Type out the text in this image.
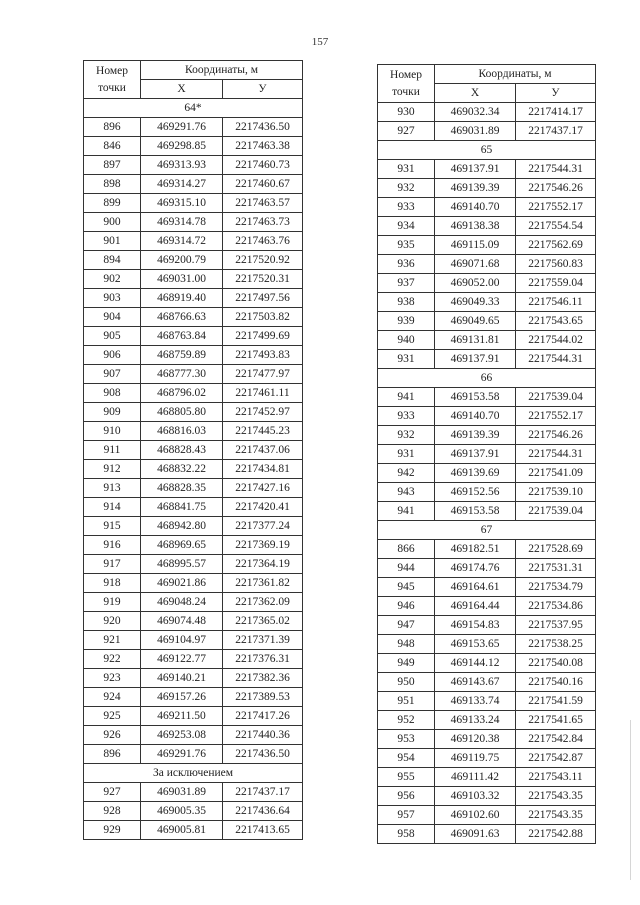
157
Номер
точки	Координаты, м	
	X	У
64*		
896	469291.76	2217436.50
846	469298.85	2217463.38
897	469313.93	2217460.73
898	469314.27	2217460.67
899	469315.10	2217463.57
900	469314.78	2217463.73
901	469314.72	2217463.76
894	469200.79	2217520.92
902	469031.00	2217520.31
903	468919.40	2217497.56
904	468766.63	2217503.82
905	468763.84	2217499.69
906	468759.89	2217493.83
907	468777.30	2217477.97
908	468796.02	2217461.11
909	468805.80	2217452.97
910	468816.03	2217445.23
911	468828.43	2217437.06
912	468832.22	2217434.81
913	468828.35	2217427.16
914	468841.75	2217420.41
915	468942.80	2217377.24
916	468969.65	2217369.19
917	468995.57	2217364.19
918	469021.86	2217361.82
919	469048.24	2217362.09
920	469074.48	2217365.02
921	469104.97	2217371.39
922	469122.77	2217376.31
923	469140.21	2217382.36
924	469157.26	2217389.53
925	469211.50	2217417.26
926	469253.08	2217440.36
896	469291.76	2217436.50
За исключением		
927	469031.89	2217437.17
928	469005.35	2217436.64
929	469005.81	2217413.65
Номер
точки	Координаты, м	
	X	У
930	469032.34	2217414.17
927	469031.89	2217437.17
65		
931	469137.91	2217544.31
932	469139.39	2217546.26
933	469140.70	2217552.17
934	469138.38	2217554.54
935	469115.09	2217562.69
936	469071.68	2217560.83
937	469052.00	2217559.04
938	469049.33	2217546.11
939	469049.65	2217543.65
940	469131.81	2217544.02
931	469137.91	2217544.31
66		
941	469153.58	2217539.04
933	469140.70	2217552.17
932	469139.39	2217546.26
931	469137.91	2217544.31
942	469139.69	2217541.09
943	469152.56	2217539.10
941	469153.58	2217539.04
67		
866	469182.51	2217528.69
944	469174.76	2217531.31
945	469164.61	2217534.79
946	469164.44	2217534.86
947	469154.83	2217537.95
948	469153.65	2217538.25
949	469144.12	2217540.08
950	469143.67	2217540.16
951	469133.74	2217541.59
952	469133.24	2217541.65
953	469120.38	2217542.84
954	469119.75	2217542.87
955	469111.42	2217543.11
956	469103.32	2217543.35
957	469102.60	2217543.35
958	469091.63	2217542.88
